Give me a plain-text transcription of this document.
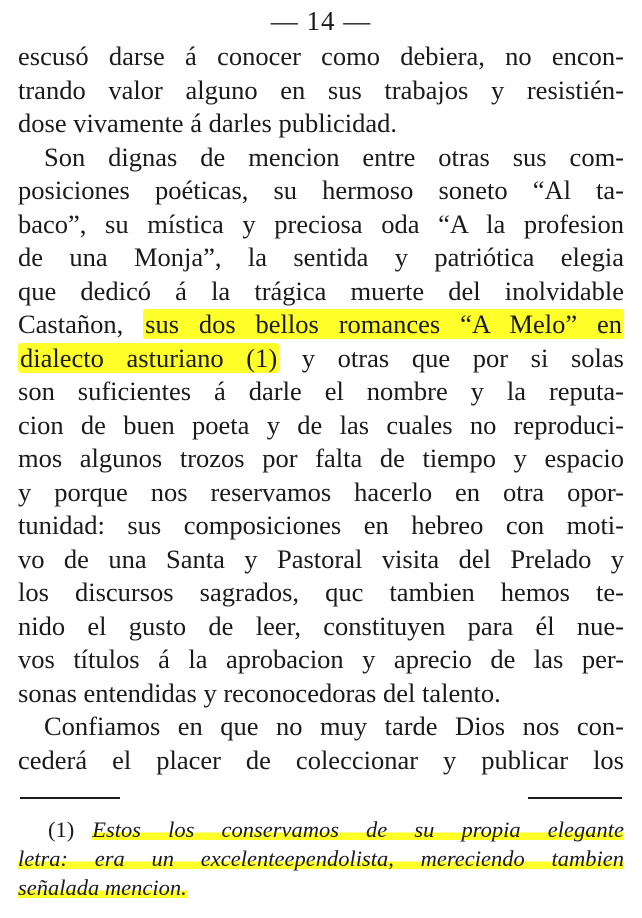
— 14 —
escusó darse á conocer como debiera, no encon-
trando valor alguno en sus trabajos y resistién-
dose vivamente á darles publicidad.
Son dignas de mencion entre otras sus com-
posiciones poéticas, su hermoso soneto “Al ta-
baco”, su mística y preciosa oda “A la profesion
de una Monja”, la sentida y patriótica elegia
que dedicó á la trágica muerte del inolvidable
Castañon, sus dos bellos romances “A Melo” en
dialecto asturiano (1) y otras que por si solas
son suficientes á darle el nombre y la reputa-
cion de buen poeta y de las cuales no reproduci-
mos algunos trozos por falta de tiempo y espacio
y porque nos reservamos hacerlo en otra opor-
tunidad: sus composiciones en hebreo con moti-
vo de una Santa y Pastoral visita del Prelado y
los discursos sagrados, quc tambien hemos te-
nido el gusto de leer, constituyen para él nue-
vos títulos á la aprobacion y aprecio de las per-
sonas entendidas y reconocedoras del talento.
Confiamos en que no muy tarde Dios nos con-
cederá el placer de coleccionar y publicar los
(1) Estos los conservamos de su propia elegante
letra: era un excelenteependolista, mereciendo tambien
señalada mencion.
